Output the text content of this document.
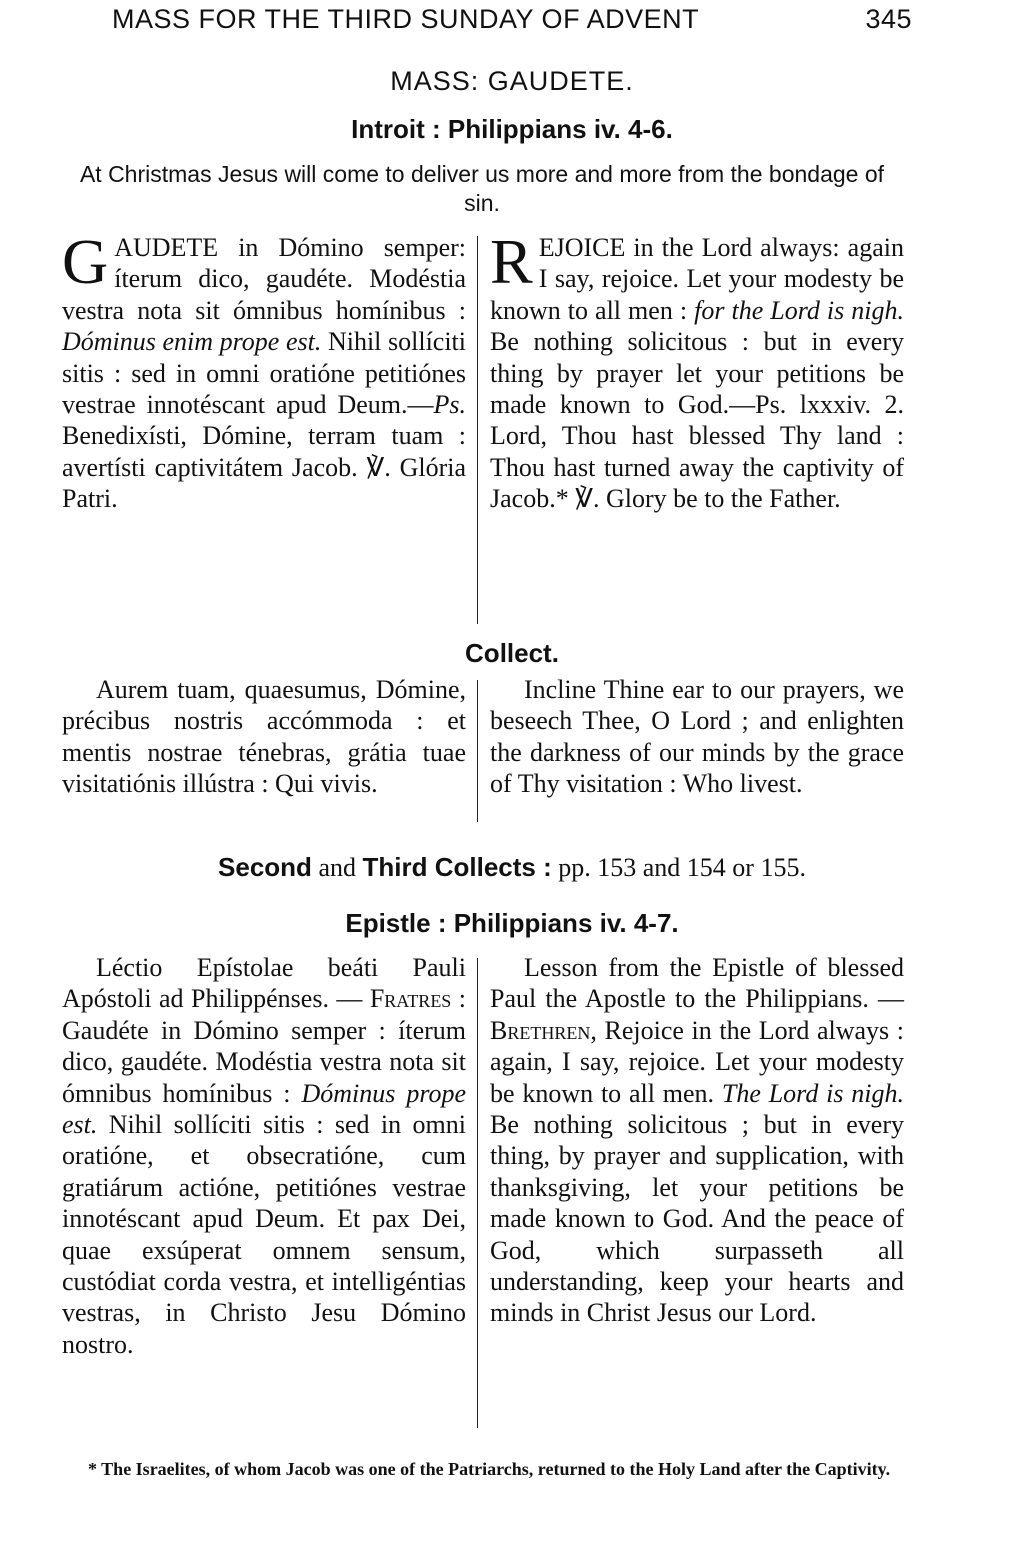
MASS FOR THE THIRD SUNDAY OF ADVENT	345
MASS: GAUDETE.
Introit : Philippians iv. 4-6.
At Christmas Jesus will come to deliver us more and more from the bondage of sin.
G AUDETE in Dómino semper: íterum dico, gaudéte. Modéstia vestra nota sit ómnibus homínibus : Dóminus enim prope est. Nihil sollíciti sitis : sed in omni oratióne petitiónes vestrae innotéscant apud Deum.—Ps. Benedixísti, Dómine, terram tuam : avertísti captivitátem Jacob. ℣. Glória Patri.
R EJOICE in the Lord always: again I say, rejoice. Let your modesty be known to all men : for the Lord is nigh. Be nothing solicitous : but in every thing by prayer let your petitions be made known to God.—Ps. lxxxiv. 2. Lord, Thou hast blessed Thy land : Thou hast turned away the captivity of Jacob.* ℣. Glory be to the Father.
Collect.
Aurem tuam, quaesumus, Dómine, précibus nostris accómmoda : et mentis nostrae ténebras, grátia tuae visitatiónis illústra : Qui vivis.
Incline Thine ear to our prayers, we beseech Thee, O Lord ; and enlighten the darkness of our minds by the grace of Thy visitation : Who livest.
Second and Third Collects : pp. 153 and 154 or 155.
Epistle : Philippians iv. 4-7.
Léctio Epístolae beáti Pauli Apóstoli ad Philippénses. — Fratres : Gaudéte in Dómino semper : íterum dico, gaudéte. Modéstia vestra nota sit ómnibus homínibus : Dóminus prope est. Nihil sollíciti sitis : sed in omni oratióne, et obsecratióne, cum gratiárum actióne, petitiónes vestrae innotéscant apud Deum. Et pax Dei, quae exsúperat omnem sensum, custódiat corda vestra, et intelligéntias vestras, in Christo Jesu Dómino nostro.
Lesson from the Epistle of blessed Paul the Apostle to the Philippians. — Brethren, Rejoice in the Lord always : again, I say, rejoice. Let your modesty be known to all men. The Lord is nigh. Be nothing solicitous ; but in every thing, by prayer and supplication, with thanksgiving, let your petitions be made known to God. And the peace of God, which surpasseth all understanding, keep your hearts and minds in Christ Jesus our Lord.
* The Israelites, of whom Jacob was one of the Patriarchs, returned to the Holy Land after the Captivity.
